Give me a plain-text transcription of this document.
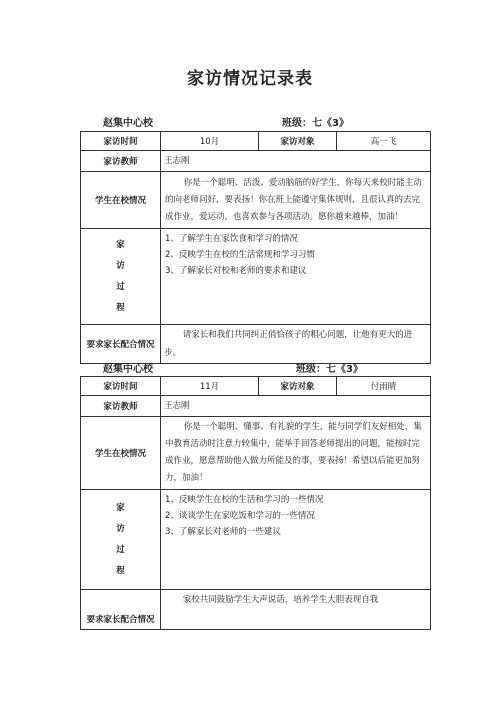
家访情况记录表
赵集中心校	班级：七《3》
家访时间	10月	家访对象	高一飞
家访教师	王志刚		
学生在校情况	你是一个聪明、活泼、爱动脑筋的好学生，你每天来校时能主动的向老师问好，要表扬！你在班上能遵守集体规则，且很认真的去完成作业，爱运动，也喜欢参与各项活动。愿你越来越棒，加油！		

家
访
过
程	1、了解学生在家饮食和学习的情况
2、反映学生在校的生活常规和学习习惯
3、了解家长对校和老师的要求和建议		

要求家长配合情况	请家长和我们共同纠正俏恰孩子的粗心问题，让他有更大的进步。		
赵集中心校	班级：七《3》
家访时间	11月	家访对象	付雨晴
家访教师	王志刚		
学生在校情况	你是一个聪明、懂事、有礼貌的学生，能与同学们友好相处，集中教育活动时注意力较集中，能举手回答老师提出的问题，能按时完成作业，愿意帮助他人做力所能及的事，要表扬！希望以后能更加努力，加油！		

家
访
过
程	1、反映学生在校的生活和学习的一些情况
2、谈谈学生在家吃饭和学习的一些情况
3、了解家长对老师的一些建议		

要求家长配合情况	家校共同鼓励学生大声说话，培养学生大胆表现自我		
